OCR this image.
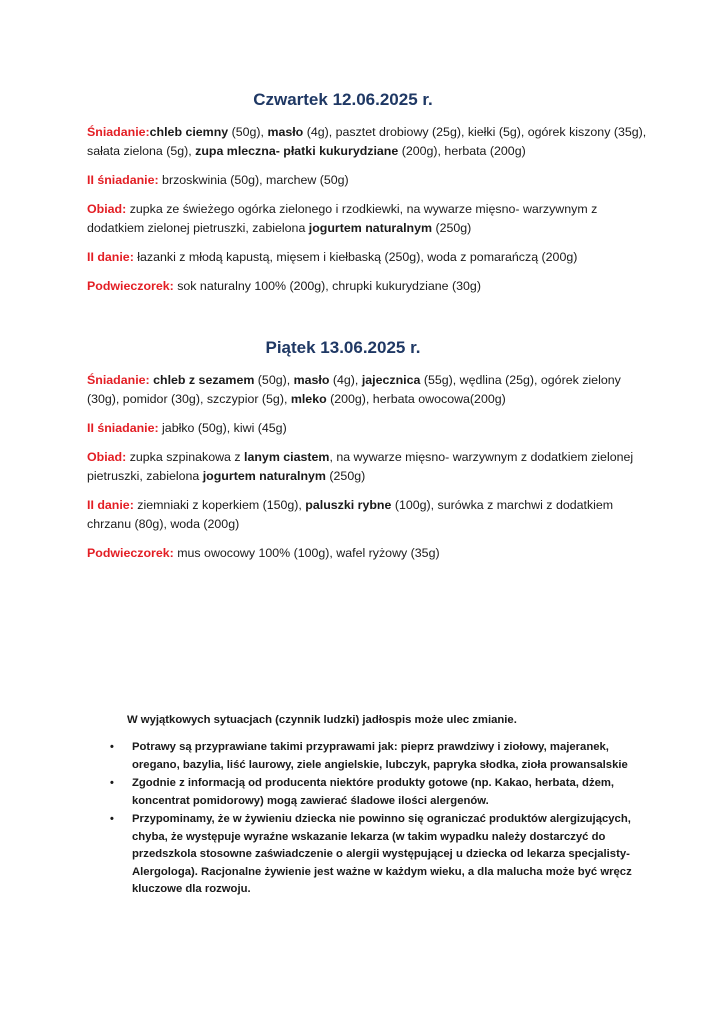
Czwartek 12.06.2025 r.

Śniadanie:chleb ciemny (50g), masło (4g), pasztet drobiowy (25g), kiełki (5g), ogórek kiszony (35g), sałata zielona (5g), zupa mleczna- płatki kukurydziane (200g), herbata (200g)

II śniadanie: brzoskwinia (50g), marchew (50g)

Obiad: zupka ze świeżego ogórka zielonego i rzodkiewki, na wywarze mięsno- warzywnym z dodatkiem zielonej pietruszki, zabielona jogurtem naturalnym (250g)

II danie: łazanki z młodą kapustą, mięsem i kiełbaską (250g), woda z pomarańczą (200g)

Podwieczorek: sok naturalny 100% (200g), chrupki kukurydziane (30g)

Piątek 13.06.2025 r.

Śniadanie: chleb z sezamem (50g), masło (4g), jajecznica (55g), wędlina (25g), ogórek zielony (30g), pomidor (30g), szczypior (5g), mleko (200g), herbata owocowa(200g)

II śniadanie: jabłko (50g), kiwi (45g)

Obiad: zupka szpinakowa z lanym ciastem, na wywarze mięsno- warzywnym z dodatkiem zielonej pietruszki, zabielona jogurtem naturalnym (250g)

II danie: ziemniaki z koperkiem (150g), paluszki rybne (100g), surówka z marchwi z dodatkiem chrzanu (80g), woda (200g)

Podwieczorek: mus owocowy 100% (100g), wafel ryżowy (35g)

W wyjątkowych sytuacjach (czynnik ludzki) jadłospis może ulec zmianie.

• Potrawy są przyprawiane takimi przyprawami jak: pieprz prawdziwy i ziołowy, majeranek, oregano, bazylia, liść laurowy, ziele angielskie, lubczyk, papryka słodka, zioła prowansalskie
• Zgodnie z informacją od producenta niektóre produkty gotowe (np. Kakao, herbata, dżem, koncentrat pomidorowy) mogą zawierać śladowe ilości alergenów.
• Przypominamy, że w żywieniu dziecka nie powinno się ograniczać produktów alergizujących, chyba, że występuje wyraźne wskazanie lekarza (w takim wypadku należy dostarczyć do przedszkola stosowne zaświadczenie o alergii występującej u dziecka od lekarza specjalisty- Alergologa). Racjonalne żywienie jest ważne w każdym wieku, a dla malucha może być wręcz kluczowe dla rozwoju.
